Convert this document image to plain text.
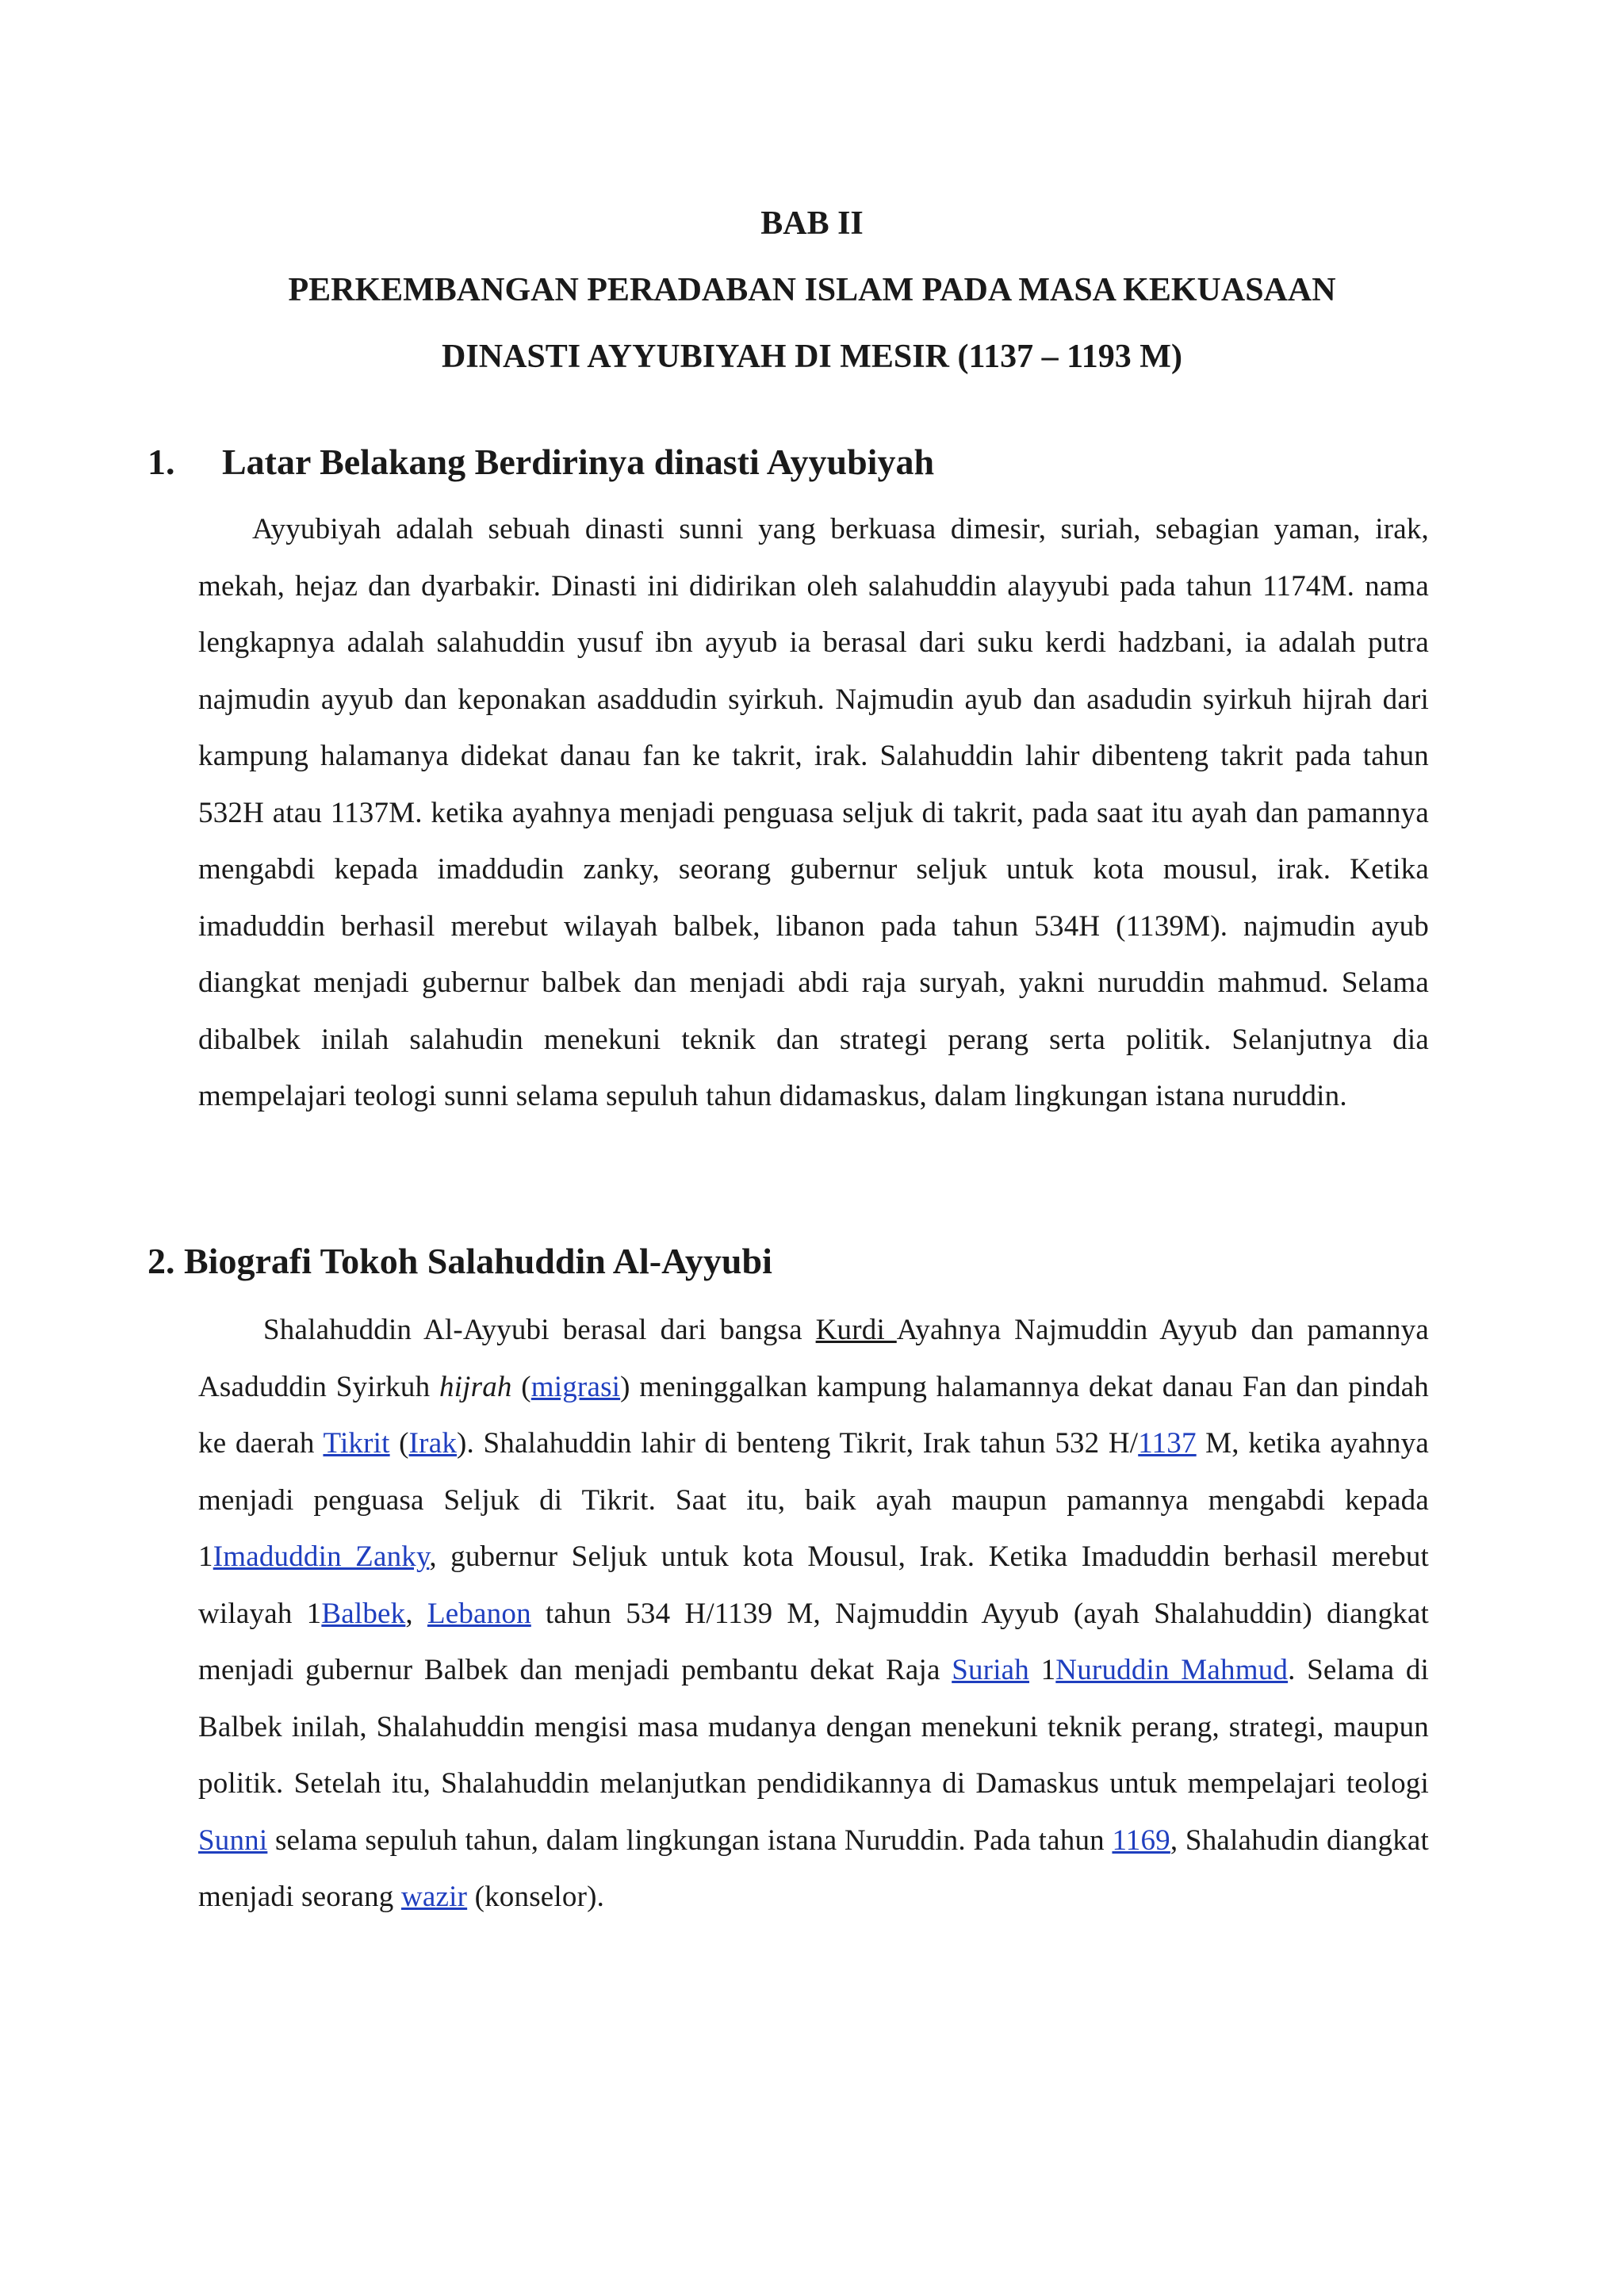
BAB II
PERKEMBANGAN PERADABAN ISLAM PADA MASA KEKUASAAN
DINASTI AYYUBIYAH DI MESIR (1137 – 1193 M)
1. Latar Belakang Berdirinya dinasti Ayyubiyah
Ayyubiyah adalah sebuah dinasti sunni yang berkuasa dimesir, suriah, sebagian yaman, irak, mekah, hejaz dan dyarbakir. Dinasti ini didirikan oleh salahuddin alayyubi pada tahun 1174M. nama lengkapnya adalah salahuddin yusuf ibn ayyub ia berasal dari suku kerdi hadzbani, ia adalah putra najmudin ayyub dan keponakan asaddudin syirkuh. Najmudin ayub dan asadudin syirkuh hijrah dari kampung halamanya didekat danau fan ke takrit, irak. Salahuddin lahir dibenteng takrit pada tahun 532H atau 1137M. ketika ayahnya menjadi penguasa seljuk di takrit, pada saat itu ayah dan pamannya mengabdi kepada imaddudin zanky, seorang gubernur seljuk untuk kota mousul, irak. Ketika imaduddin berhasil merebut wilayah balbek, libanon pada tahun 534H (1139M). najmudin ayub diangkat menjadi gubernur balbek dan menjadi abdi raja suryah, yakni nuruddin mahmud. Selama dibalbek inilah salahudin menekuni teknik dan strategi perang serta politik. Selanjutnya dia mempelajari teologi sunni selama sepuluh tahun didamaskus, dalam lingkungan istana nuruddin.
2. Biografi Tokoh Salahuddin Al-Ayyubi
Shalahuddin Al-Ayyubi berasal dari bangsa Kurdi Ayahnya Najmuddin Ayyub dan pamannya Asaduddin Syirkuh hijrah (migrasi) meninggalkan kampung halamannya dekat danau Fan dan pindah ke daerah Tikrit (Irak). Shalahuddin lahir di benteng Tikrit, Irak tahun 532 H/1137 M, ketika ayahnya menjadi penguasa Seljuk di Tikrit. Saat itu, baik ayah maupun pamannya mengabdi kepada 1Imaduddin Zanky, gubernur Seljuk untuk kota Mousul, Irak. Ketika Imaduddin berhasil merebut wilayah 1Balbek, Lebanon tahun 534 H/1139 M, Najmuddin Ayyub (ayah Shalahuddin) diangkat menjadi gubernur Balbek dan menjadi pembantu dekat Raja Suriah 1Nuruddin Mahmud. Selama di Balbek inilah, Shalahuddin mengisi masa mudanya dengan menekuni teknik perang, strategi, maupun politik. Setelah itu, Shalahuddin melanjutkan pendidikannya di Damaskus untuk mempelajari teologi Sunni selama sepuluh tahun, dalam lingkungan istana Nuruddin. Pada tahun 1169, Shalahudin diangkat menjadi seorang wazir (konselor).
